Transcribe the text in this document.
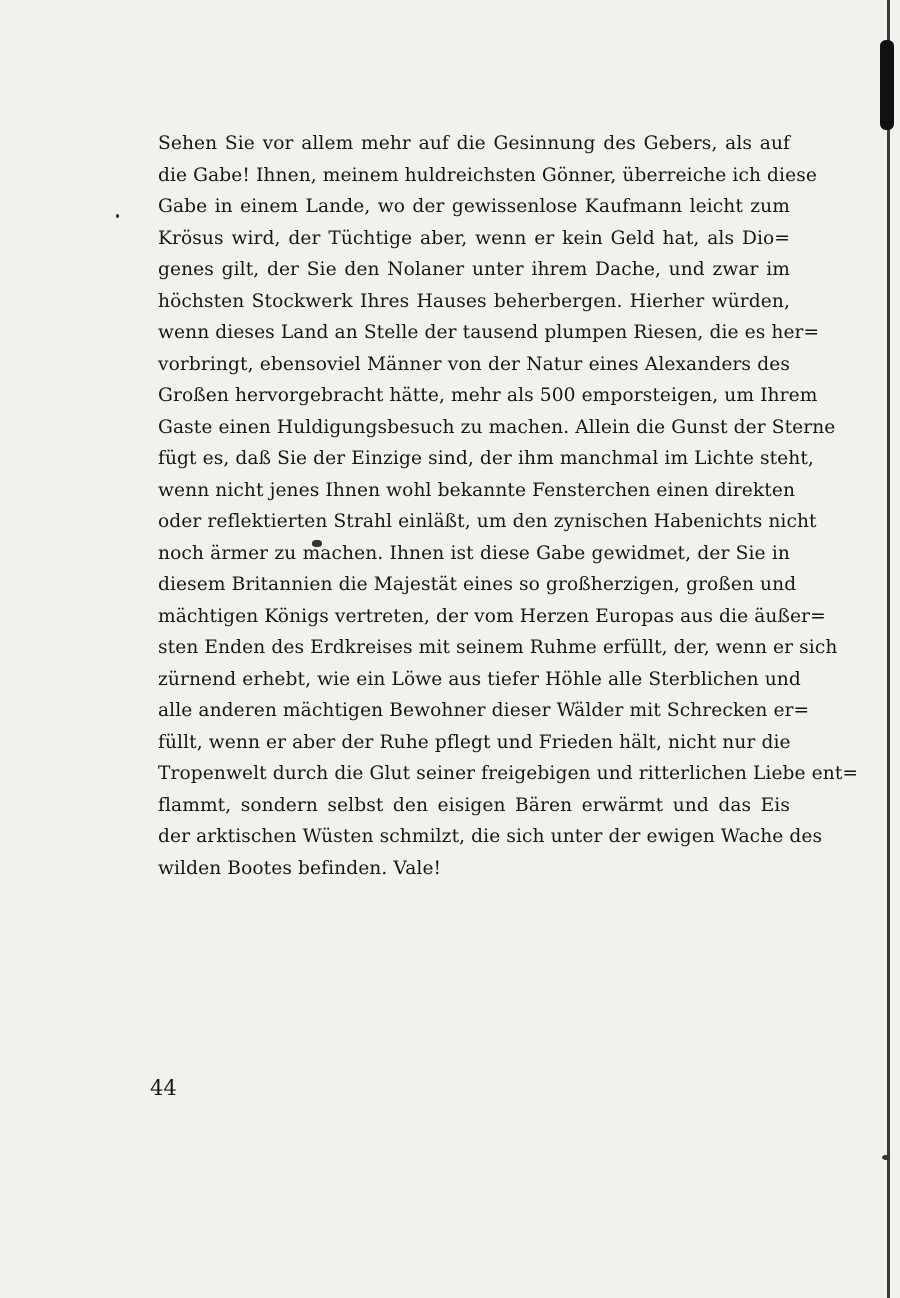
Sehen Sie vor allem mehr auf die Gesinnung des Gebers, als auf
die Gabe! Ihnen, meinem huldreichsten Gönner, überreiche ich diese
Gabe in einem Lande, wo der gewissenlose Kaufmann leicht zum
Krösus wird, der Tüchtige aber, wenn er kein Geld hat, als Dio=
genes gilt, der Sie den Nolaner unter ihrem Dache, und zwar im
höchsten Stockwerk Ihres Hauses beherbergen. Hierher würden,
wenn dieses Land an Stelle der tausend plumpen Riesen, die es her=
vorbringt, ebensoviel Männer von der Natur eines Alexanders des
Großen hervorgebracht hätte, mehr als 500 emporsteigen, um Ihrem
Gaste einen Huldigungsbesuch zu machen. Allein die Gunst der Sterne
fügt es, daß Sie der Einzige sind, der ihm manchmal im Lichte steht,
wenn nicht jenes Ihnen wohl bekannte Fensterchen einen direkten
oder reflektierten Strahl einläßt, um den zynischen Habenichts nicht
noch ärmer zu machen. Ihnen ist diese Gabe gewidmet, der Sie in
diesem Britannien die Majestät eines so großherzigen, großen und
mächtigen Königs vertreten, der vom Herzen Europas aus die äußer=
sten Enden des Erdkreises mit seinem Ruhme erfüllt, der, wenn er sich
zürnend erhebt, wie ein Löwe aus tiefer Höhle alle Sterblichen und
alle anderen mächtigen Bewohner dieser Wälder mit Schrecken er=
füllt, wenn er aber der Ruhe pflegt und Frieden hält, nicht nur die
Tropenwelt durch die Glut seiner freigebigen und ritterlichen Liebe ent=
flammt, sondern selbst den eisigen Bären erwärmt und das Eis
der arktischen Wüsten schmilzt, die sich unter der ewigen Wache des
wilden Bootes befinden. Vale!
44
